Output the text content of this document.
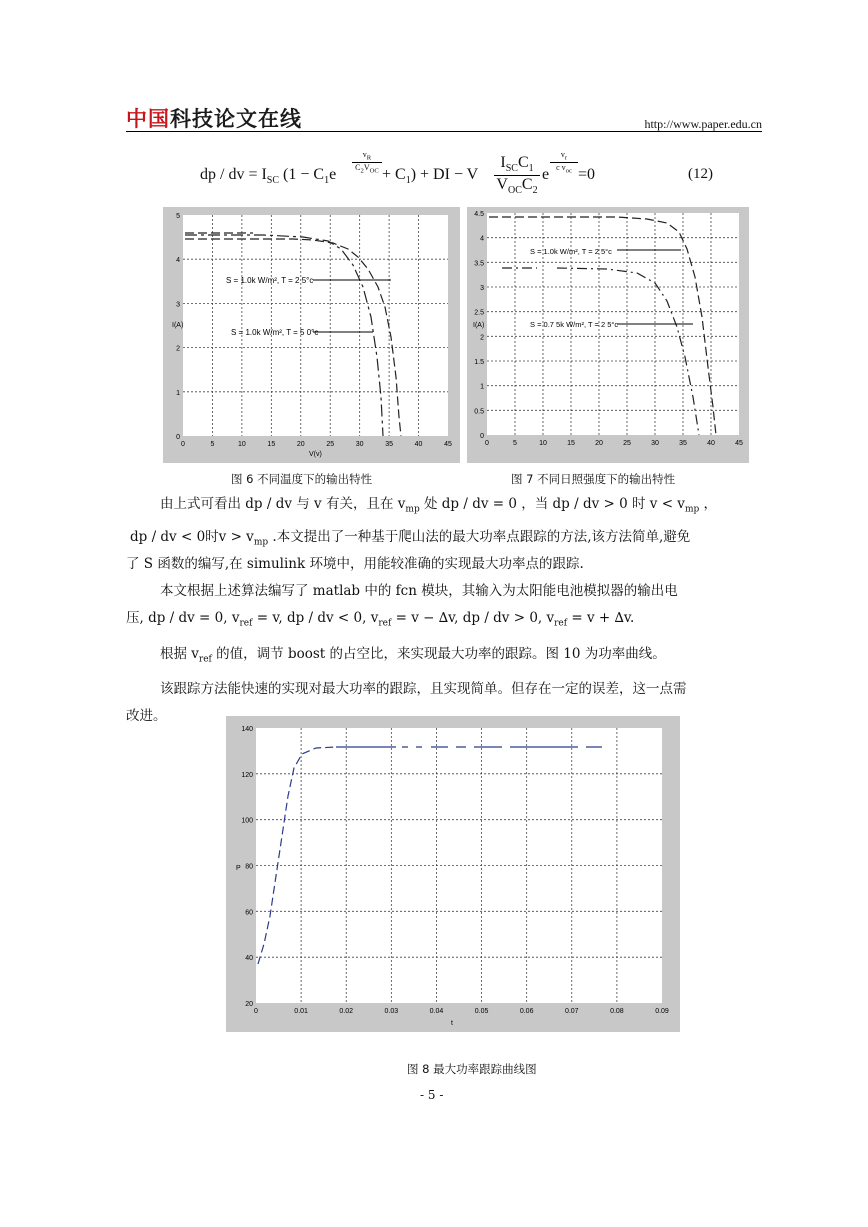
中国科技论文在线	http://www.paper.edu.cn
dp / dv = $I_{SC}$ ($1 - C_1e$
$v_R$
$C_2V_{OC} + C_1$) + DI − V
$I_{SC}C_1$
$V_{OC}C_2$
e
$v_r$
c $v_{oc} =0$	(12)
0	5	10	15	20	25	30	35	40	45
0
1
2
3
4
5
S = 1.0k W/m², T = 2 5°c
S = 1.0k W/m², T = 5 0°c
V(v)
I(A)
图 6 不同温度下的输出特性
0	5	10	15	20	25	30	35	40	45
0
0.5
1
1.5
2
2.5
3
3.5
4
4.5
S = 1.0k W/m², T = 2 5°c
S = 0.7 5k W/m², T = 2 5°c
I(A)
图 7 不同日照强度下的输出特性
由上式可看出 dp / dv 与 v 有关，且在 $v_{mp}$ 处 dp / dv = 0 ，当 dp / dv > 0 时 $v < v_{mp}$ ，
dp / dv < 0时$v > v_{mp}$ .本文提出了一种基于爬山法的最大功率点跟踪的方法,该方法简单,避免
了 S 函数的编写,在 simulink 环境中，用能较准确的实现最大功率点的跟踪.
本文根据上述算法编写了 matlab 中的 fcn 模块，其输入为太阳能电池模拟器的输出电
压, dp / dv = 0, $v_{ref} = v$, dp / dv < 0, $v_{ref} = v - \Delta v$, dp / dv > 0, $v_{ref} = v + \Delta v$.
根据 $v_{ref}$ 的值，调节 boost 的占空比，来实现最大功率的跟踪。图 10 为功率曲线。
该跟踪方法能快速的实现对最大功率的跟踪，且实现简单。但存在一定的误差，这一点需
改进。
0	0.01	0.02	0.03	0.04	0.05	0.06	0.07	0.08	0.09
20
40
60
80
100
120
140
t
P
图 8 最大功率跟踪曲线图
- 5 -
